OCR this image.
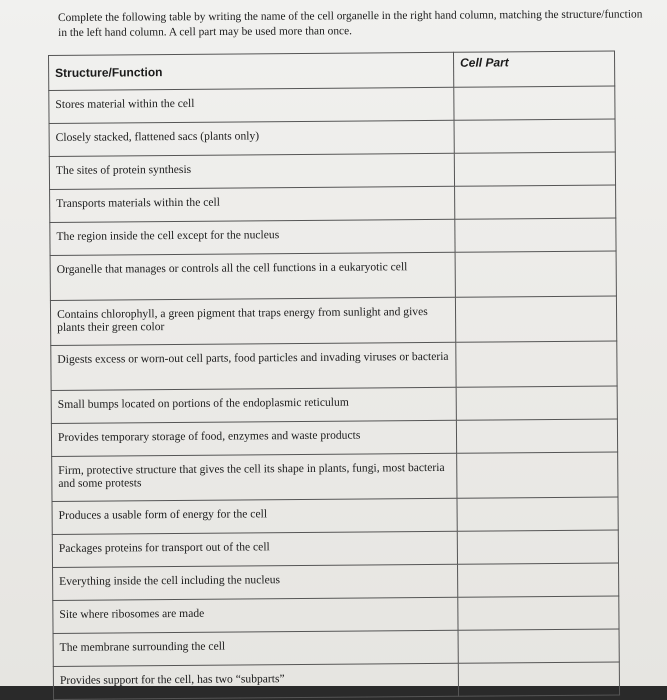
Complete the following table by writing the name of the cell organelle in the right hand column, matching the structure/function in the left hand column. A cell part may be used more than once.
Structure/Function	Cell Part
Stores material within the cell	
Closely stacked, flattened sacs (plants only)	
The sites of protein synthesis	
Transports materials within the cell	
The region inside the cell except for the nucleus	
Organelle that manages or controls all the cell functions in a eukaryotic cell	
Contains chlorophyll, a green pigment that traps energy from sunlight and gives plants their green color	
Digests excess or worn-out cell parts, food particles and invading viruses or bacteria	
Small bumps located on portions of the endoplasmic reticulum	
Provides temporary storage of food, enzymes and waste products	
Firm, protective structure that gives the cell its shape in plants, fungi, most bacteria and some protests	
Produces a usable form of energy for the cell	
Packages proteins for transport out of the cell	
Everything inside the cell including the nucleus	
Site where ribosomes are made	
The membrane surrounding the cell	
Provides support for the cell, has two “subparts”	
